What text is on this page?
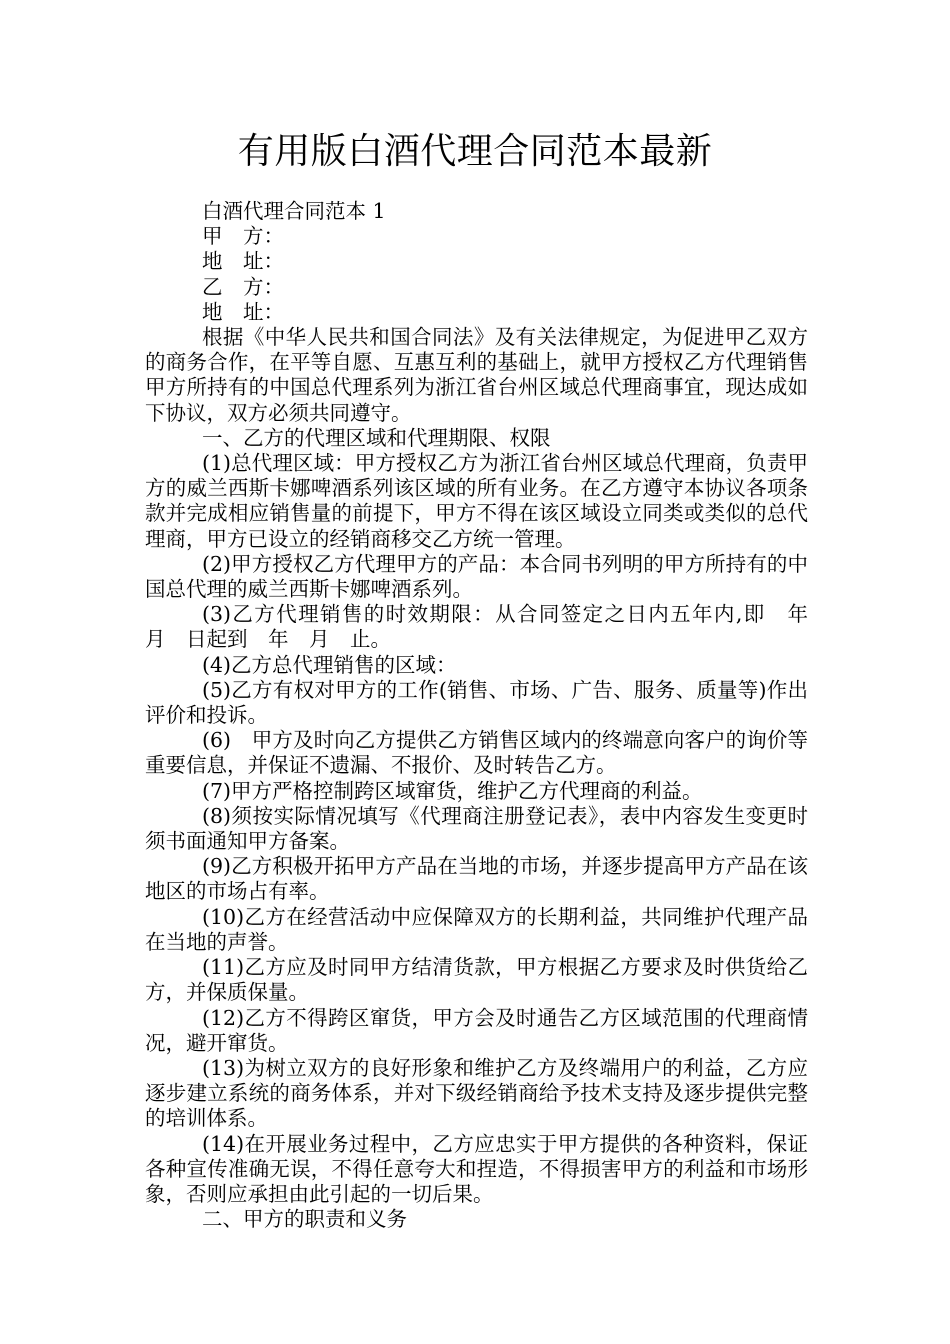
有用版白酒代理合同范本最新

白酒代理合同范本 1

甲　方：

地　址：

乙　方：

地　址：

根据《中华人民共和国合同法》及有关法律规定，为促进甲乙双方的商务合作，在平等自愿、互惠互利的基础上，就甲方授权乙方代理销售甲方所持有的中国总代理系列为浙江省台州区域总代理商事宜，现达成如下协议，双方必须共同遵守。

一、乙方的代理区域和代理期限、权限

(1)总代理区域：甲方授权乙方为浙江省台州区域总代理商，负责甲方的威兰西斯卡娜啤酒系列该区域的所有业务。在乙方遵守本协议各项条款并完成相应销售量的前提下，甲方不得在该区域设立同类或类似的总代理商，甲方已设立的经销商移交乙方统一管理。

(2)甲方授权乙方代理甲方的产品：本合同书列明的甲方所持有的中国总代理的威兰西斯卡娜啤酒系列。

(3)乙方代理销售的时效期限：从合同签定之日内五年内,即　年　月　日起到　年　月　止。

(4)乙方总代理销售的区域：

(5)乙方有权对甲方的工作(销售、市场、广告、服务、质量等)作出评价和投诉。

(6)　甲方及时向乙方提供乙方销售区域内的终端意向客户的询价等重要信息，并保证不遗漏、不报价、及时转告乙方。

(7)甲方严格控制跨区域窜货，维护乙方代理商的利益。

(8)须按实际情况填写《代理商注册登记表》，表中内容发生变更时须书面通知甲方备案。

(9)乙方积极开拓甲方产品在当地的市场，并逐步提高甲方产品在该地区的市场占有率。

(10)乙方在经营活动中应保障双方的长期利益，共同维护代理产品在当地的声誉。

(11)乙方应及时同甲方结清货款，甲方根据乙方要求及时供货给乙方，并保质保量。

(12)乙方不得跨区窜货，甲方会及时通告乙方区域范围的代理商情况，避开窜货。

(13)为树立双方的良好形象和维护乙方及终端用户的利益，乙方应逐步建立系统的商务体系，并对下级经销商给予技术支持及逐步提供完整的培训体系。

(14)在开展业务过程中，乙方应忠实于甲方提供的各种资料，保证各种宣传准确无误，不得任意夸大和捏造，不得损害甲方的利益和市场形象，否则应承担由此引起的一切后果。

二、甲方的职责和义务
